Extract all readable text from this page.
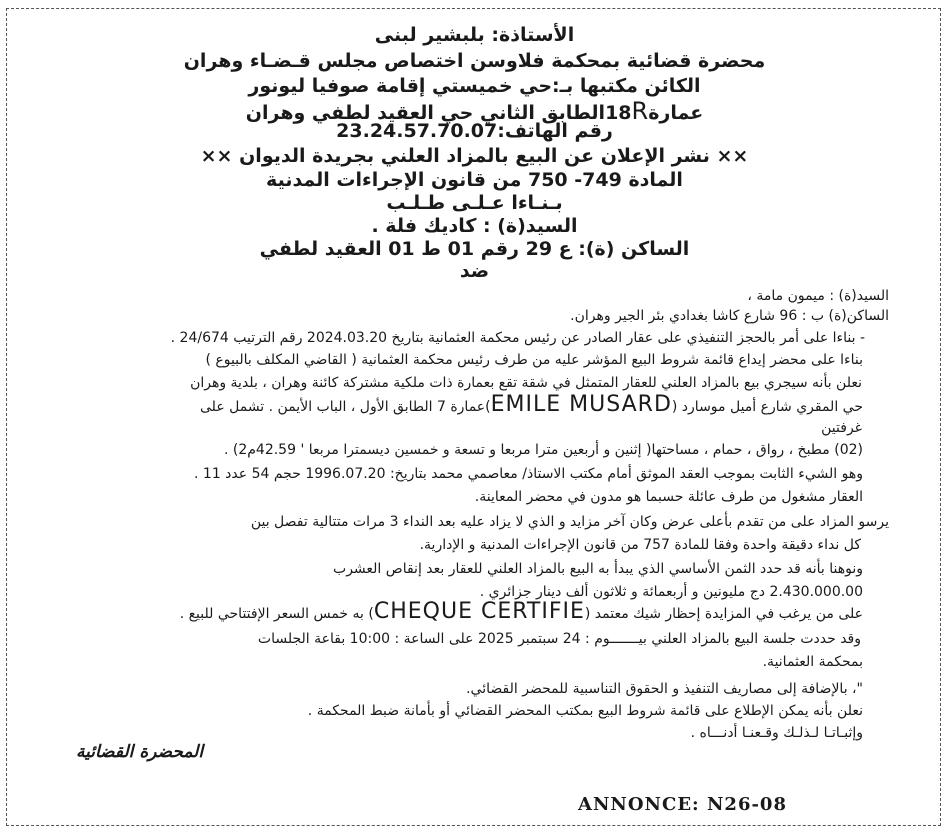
الأستاذة: بلبشير لبنى
محضرة قضائية بمحكمة فلاوسن اختصاص مجلس قـضـاء وهران
الكائن مكتبها بـ:حي خميستي إقامة صوفيا ليونور
عمارة18Rالطابق الثاني حي العقيد لطفي وهران
رقم الهاتف:23.24.57.70.07
×× نشر الإعلان عن البيع بالمزاد العلني بجريدة الديوان ××
المادة 749- 750 من قانون الإجراءات المدنية
بـنـاءا عـلـى طـلـب
السيد(ة) : كاديك فلة .
الساكن (ة): ع 29 رقم 01 ط 01 العقيد لطفي
ضد
السيد(ة) : ميمون مامة ،
الساكن(ة) ب : 96 شارع كاشا بغدادي بئر الجير وهران.
- بناءا على أمر بالحجز التنفيذي على عقار الصادر عن رئيس محكمة العثمانية بتاريخ 2024.03.20 رقم الترتيب 24/674 .
بناءا على محضر إيداع قائمة شروط البيع المؤشر عليه من طرف رئيس محكمة العثمانية ( القاضي المكلف بالبيوع )
نعلن بأنه سيجري بيع بالمزاد العلني للعقار المتمثل في شقة تقع بعمارة ذات ملكية مشتركة كائنة وهران ، بلدية وهران
حي المقري شارع أميل موسارد (EMILE MUSARD)عمارة 7 الطابق الأول ، الباب الأيمن . تشمل على
غرفتين
(02) مطبخ ، رواق ، حمام ، مساحتها( إثنين و أربعين مترا مربعا و تسعة و خمسين ديسمترا مربعا ' 42.59م2) .
وهو الشيء الثابت بموجب العقد الموثق أمام مكتب الاستاذ/ معاصمي محمد بتاريخ: 1996.07.20 حجم 54 عدد 11 .
العقار مشغول من طرف عائلة حسبما هو مدون في محضر المعاينة.
يرسو المزاد على من تقدم بأعلى عرض وكان آخر مزايد و الذي لا يزاد عليه بعد النداء 3 مرات متتالية تفصل بين
كل نداء دقيقة واحدة وفقا للمادة 757 من قانون الإجراءات المدنية و الإدارية.
ونوهنا بأنه قد حدد الثمن الأساسي الذي يبدأ به البيع بالمزاد العلني للعقار بعد إنقاص العشرب
2.430.000.00 دج مليونين و أربعمائة و ثلاثون ألف دينار جزائري .
على من يرغب في المزايدة إحظار شيك معتمد (CHEQUE CERTIFIE) به خمس السعر الإفتتاحي للبيع .
وقد حددت جلسة البيع بالمزاد العلني بيـــــــوم : 24 سبتمبر 2025 على الساعة : 10:00 بقاعة الجلسات
بمحكمة العثمانية.
"، بالإضافة إلى مصاريف التنفيذ و الحقوق التناسبية للمحضر القضائي.
نعلن بأنه يمكن الإطلاع على قائمة شروط البيع بمكتب المحضر القضائي أو بأمانة ضبط المحكمة .
وإثبـاتـا لـذلـك وقـعنـا أدنـــاه .
المحضرة القضائية
ANNONCE: N26-08
